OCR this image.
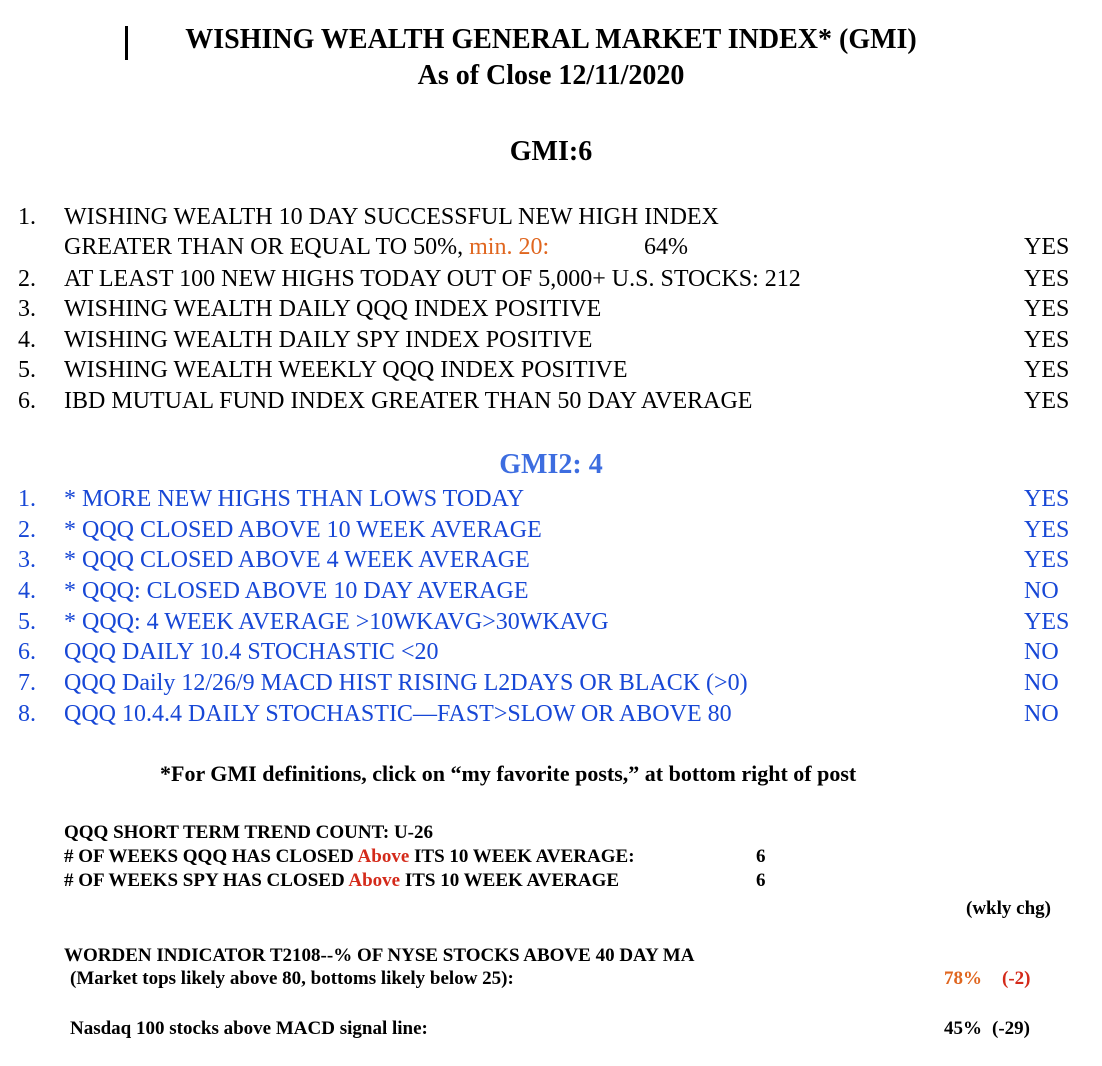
WISHING WEALTH GENERAL MARKET INDEX* (GMI)
As of Close 12/11/2020
GMI:6
1. WISHING WEALTH 10 DAY SUCCESSFUL NEW HIGH INDEX
GREATER THAN OR EQUAL TO 50%, min. 20:	64%	YES
2. AT LEAST 100 NEW HIGHS TODAY OUT OF 5,000+ U.S. STOCKS: 212	YES
3. WISHING WEALTH DAILY QQQ INDEX POSITIVE	YES
4. WISHING WEALTH DAILY SPY INDEX POSITIVE	YES
5. WISHING WEALTH WEEKLY QQQ INDEX POSITIVE	YES
6. IBD MUTUAL FUND INDEX GREATER THAN 50 DAY AVERAGE	YES
GMI2: 4
1. * MORE NEW HIGHS THAN LOWS TODAY	YES
2. * QQQ CLOSED ABOVE 10 WEEK AVERAGE	YES
3. * QQQ CLOSED ABOVE 4 WEEK AVERAGE	YES
4. * QQQ: CLOSED ABOVE 10 DAY AVERAGE	NO
5. * QQQ: 4 WEEK AVERAGE >10WKAVG>30WKAVG	YES
6. QQQ DAILY 10.4 STOCHASTIC <20	NO
7. QQQ Daily 12/26/9 MACD HIST RISING L2DAYS OR BLACK (>0)	NO
8. QQQ 10.4.4 DAILY STOCHASTIC—FAST>SLOW OR ABOVE 80	NO
*For GMI definitions, click on “my favorite posts,” at bottom right of post
QQQ SHORT TERM TREND COUNT: U-26
# OF WEEKS QQQ HAS CLOSED Above ITS 10 WEEK AVERAGE:	6
# OF WEEKS SPY HAS CLOSED Above ITS 10 WEEK AVERAGE	6
(wkly chg)
WORDEN INDICATOR T2108--% OF NYSE STOCKS ABOVE 40 DAY MA
(Market tops likely above 80, bottoms likely below 25):	78% (-2)
Nasdaq 100 stocks above MACD signal line:	45% (-29)
